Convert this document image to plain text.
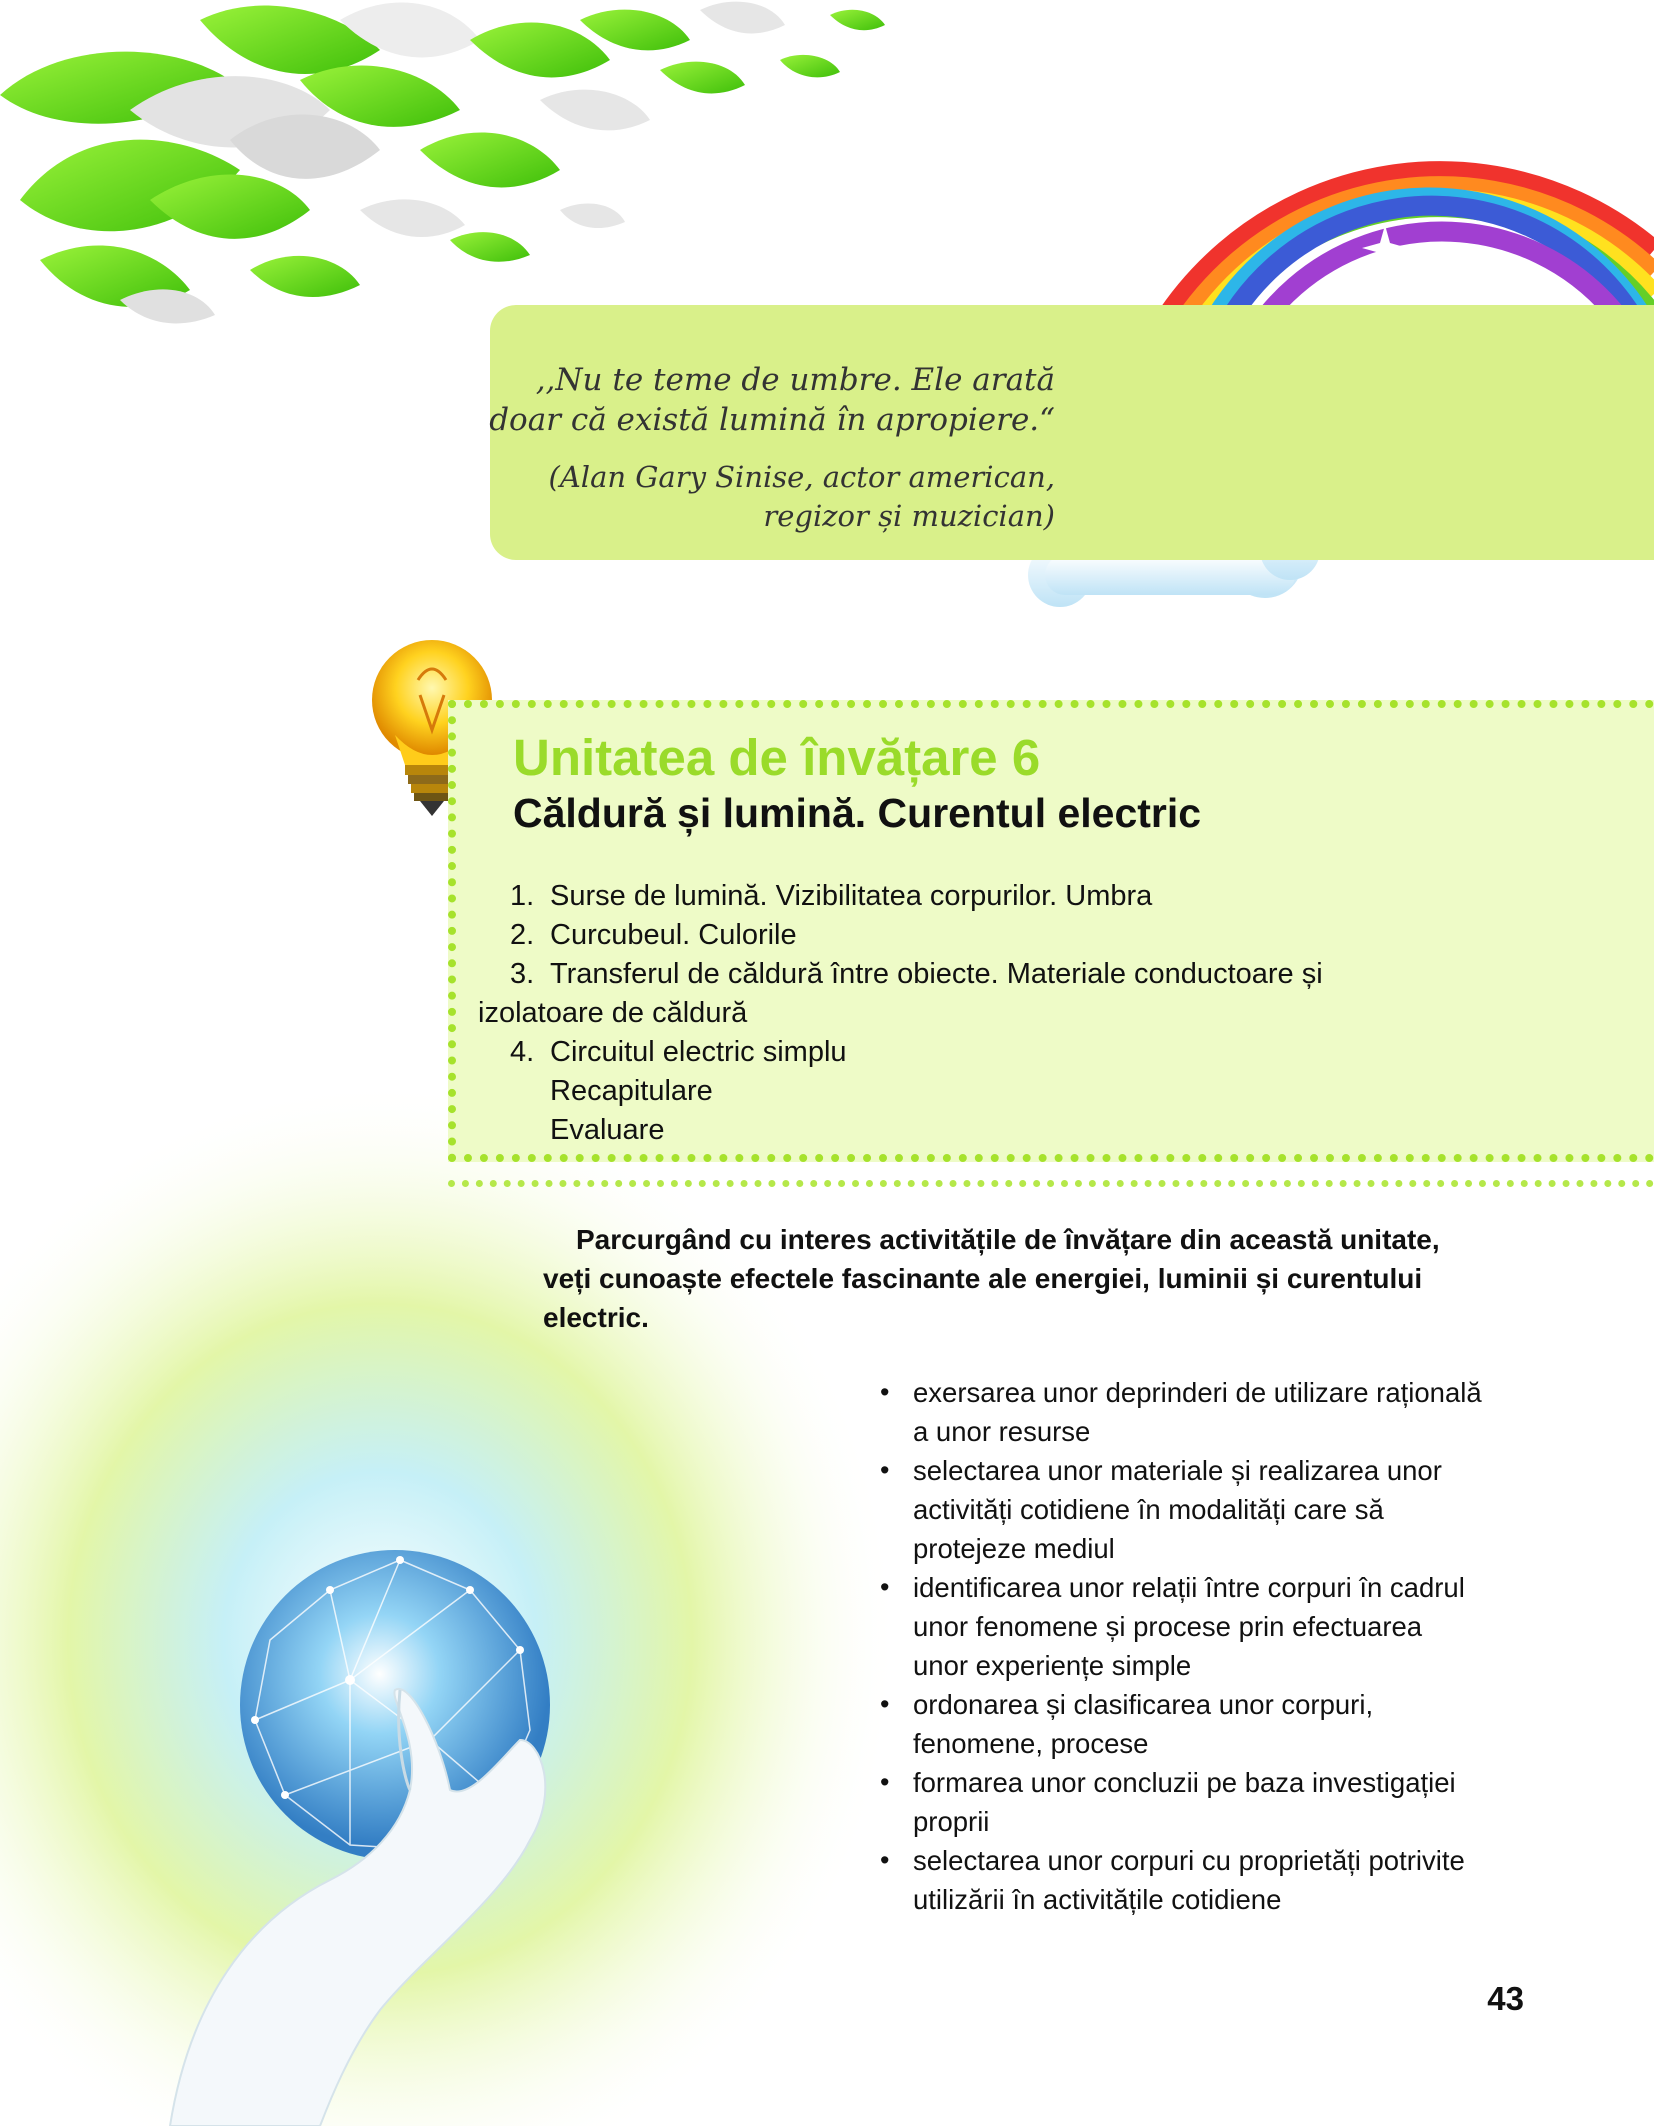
,,Nu te teme de umbre. Ele arată
doar că există lumină în apropiere.“
(Alan Gary Sinise, actor american,
regizor și muzician)
Unitatea de învățare 6
Căldură și lumină. Curentul electric
1. Surse de lumină. Vizibilitatea corpurilor. Umbra
2. Curcubeul. Culorile
3. Transferul de căldură între obiecte. Materiale conductoare și
izolatoare de căldură
4. Circuitul electric simplu
Recapitulare
Evaluare
Parcurgând cu interes activitățile de învățare din această unitate,
veți cunoaște efectele fascinante ale energiei, luminii și curentului
electric.
• exersarea unor deprinderi de utilizare rațională
a unor resurse
• selectarea unor materiale și realizarea unor
activități cotidiene în modalități care să
protejeze mediul
• identificarea unor relații între corpuri în cadrul
unor fenomene și procese prin efectuarea
unor experiențe simple
• ordonarea și clasificarea unor corpuri,
fenomene, procese
• formarea unor concluzii pe baza investigației
proprii
• selectarea unor corpuri cu proprietăți potrivite
utilizării în activitățile cotidiene
43
